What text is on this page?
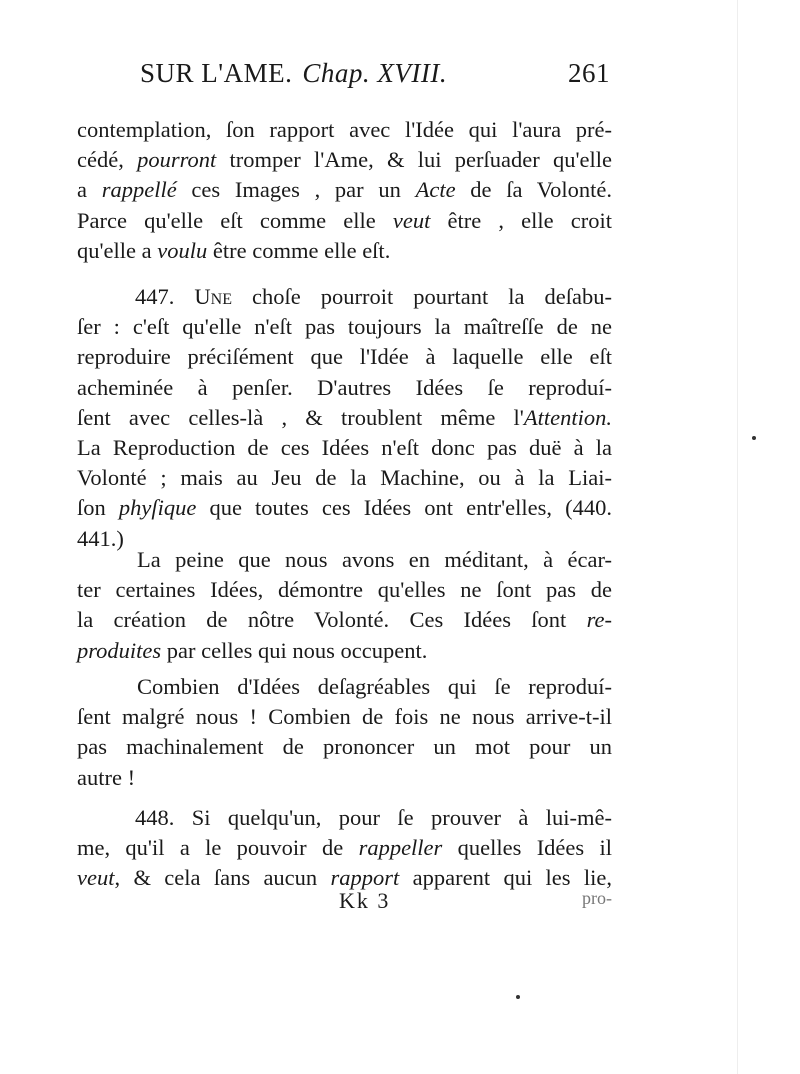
SUR L'AME. Chap. XVIII.	261
contemplation, ſon rapport avec l'Idée qui l'aura pré-
cédé, pourront tromper l'Ame, & lui perſuader qu'elle
a rappellé ces Images , par un Acte de ſa Volonté.
Parce qu'elle eſt comme elle veut être , elle croit
qu'elle a voulu être comme elle eſt.
447. Une choſe pourroit pourtant la deſabu-
ſer : c'eſt qu'elle n'eſt pas toujours la maîtreſſe de ne
reproduire préciſément que l'Idée à laquelle elle eſt
acheminée à penſer. D'autres Idées ſe reproduí-
ſent avec celles-là , & troublent même l'Attention.
La Reproduction de ces Idées n'eſt donc pas duë à la
Volonté ; mais au Jeu de la Machine, ou à la Liai-
ſon phyſique que toutes ces Idées ont entr'elles, (440.
441.)
La peine que nous avons en méditant, à écar-
ter certaines Idées, démontre qu'elles ne ſont pas de
la création de nôtre Volonté. Ces Idées ſont re-
produites par celles qui nous occupent.
Combien d'Idées deſagréables qui ſe reproduí-
ſent malgré nous ! Combien de fois ne nous arrive-t-il
pas machinalement de prononcer un mot pour un
autre !
448. Si quelqu'un, pour ſe prouver à lui-mê-
me, qu'il a le pouvoir de rappeller quelles Idées il
veut, & cela ſans aucun rapport apparent qui les lie,
Kk 3	pro-
